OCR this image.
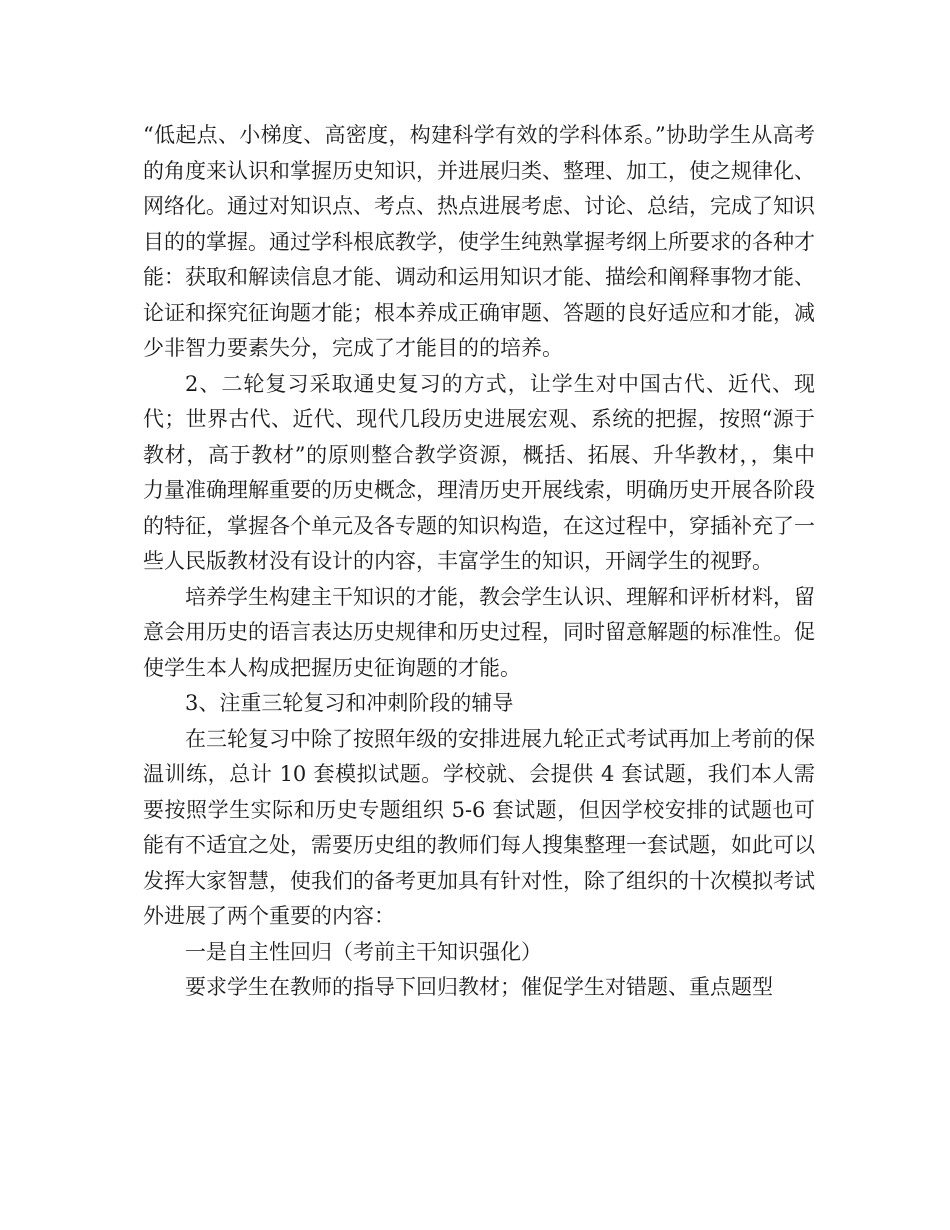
“低起点、小梯度、高密度，构建科学有效的学科体系。”协助学生从高考的角度来认识和掌握历史知识，并进展归类、整理、加工，使之规律化、网络化。通过对知识点、考点、热点进展考虑、讨论、总结，完成了知识目的的掌握。通过学科根底教学，使学生纯熟掌握考纲上所要求的各种才能：获取和解读信息才能、调动和运用知识才能、描绘和阐释事物才能、论证和探究征询题才能；根本养成正确审题、答题的良好适应和才能，减少非智力要素失分，完成了才能目的的培养。

2、二轮复习采取通史复习的方式，让学生对中国古代、近代、现代；世界古代、近代、现代几段历史进展宏观、系统的把握，按照“源于教材，高于教材”的原则整合教学资源，概括、拓展、升华教材，，集中力量准确理解重要的历史概念，理清历史开展线索，明确历史开展各阶段的特征，掌握各个单元及各专题的知识构造，在这过程中，穿插补充了一些人民版教材没有设计的内容，丰富学生的知识，开阔学生的视野。

培养学生构建主干知识的才能，教会学生认识、理解和评析材料，留意会用历史的语言表达历史规律和历史过程，同时留意解题的标准性。促使学生本人构成把握历史征询题的才能。

3、注重三轮复习和冲刺阶段的辅导

在三轮复习中除了按照年级的安排进展九轮正式考试再加上考前的保温训练，总计 10 套模拟试题。学校就、会提供 4 套试题，我们本人需要按照学生实际和历史专题组织 5-6 套试题，但因学校安排的试题也可能有不适宜之处，需要历史组的教师们每人搜集整理一套试题，如此可以发挥大家智慧，使我们的备考更加具有针对性，除了组织的十次模拟考试外进展了两个重要的内容：

一是自主性回归（考前主干知识强化）

要求学生在教师的指导下回归教材；催促学生对错题、重点题型
